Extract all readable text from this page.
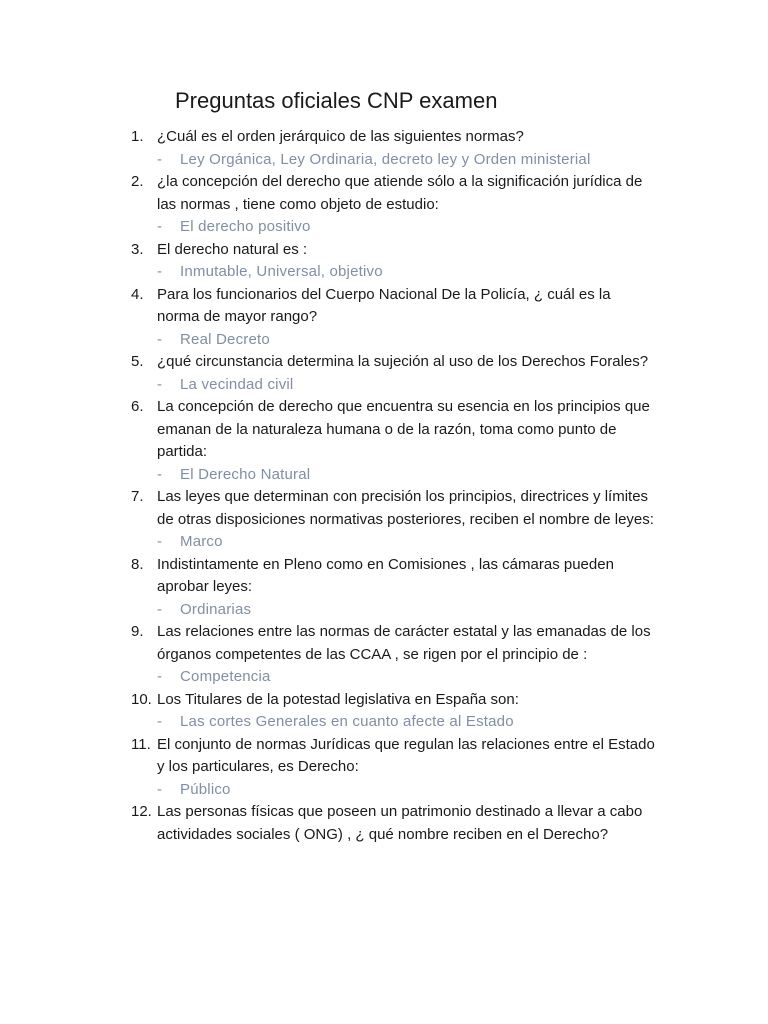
Preguntas oficiales CNP examen
1. ¿Cuál es el orden jerárquico de las siguientes normas?
- Ley Orgánica, Ley Ordinaria, decreto ley y Orden ministerial
2. ¿la concepción del derecho que atiende sólo a la significación jurídica de las normas , tiene como objeto de estudio:
- El derecho positivo
3. El derecho natural es :
- Inmutable, Universal, objetivo
4. Para los funcionarios del Cuerpo Nacional De la Policía, ¿ cuál es la norma de mayor rango?
- Real Decreto
5. ¿qué circunstancia determina la sujeción al uso de los Derechos Forales?
- La vecindad civil
6. La concepción de derecho que encuentra su esencia en los principios que emanan de la naturaleza humana o de la razón, toma como punto de partida:
- El Derecho Natural
7. Las leyes que determinan con precisión los principios, directrices y límites de otras disposiciones normativas posteriores, reciben el nombre de leyes:
- Marco
8. Indistintamente en Pleno como en Comisiones , las cámaras pueden aprobar leyes:
- Ordinarias
9. Las relaciones entre las normas de carácter estatal y las emanadas de los órganos competentes de las CCAA , se rigen por el principio de :
- Competencia
10. Los Titulares de la potestad legislativa en España son:
- Las cortes Generales en cuanto afecte al Estado
11. El conjunto de normas Jurídicas que regulan las relaciones entre el Estado y los particulares, es Derecho:
- Público
12. Las personas físicas que poseen un patrimonio destinado a llevar a cabo actividades sociales ( ONG) , ¿ qué nombre reciben en el Derecho?
